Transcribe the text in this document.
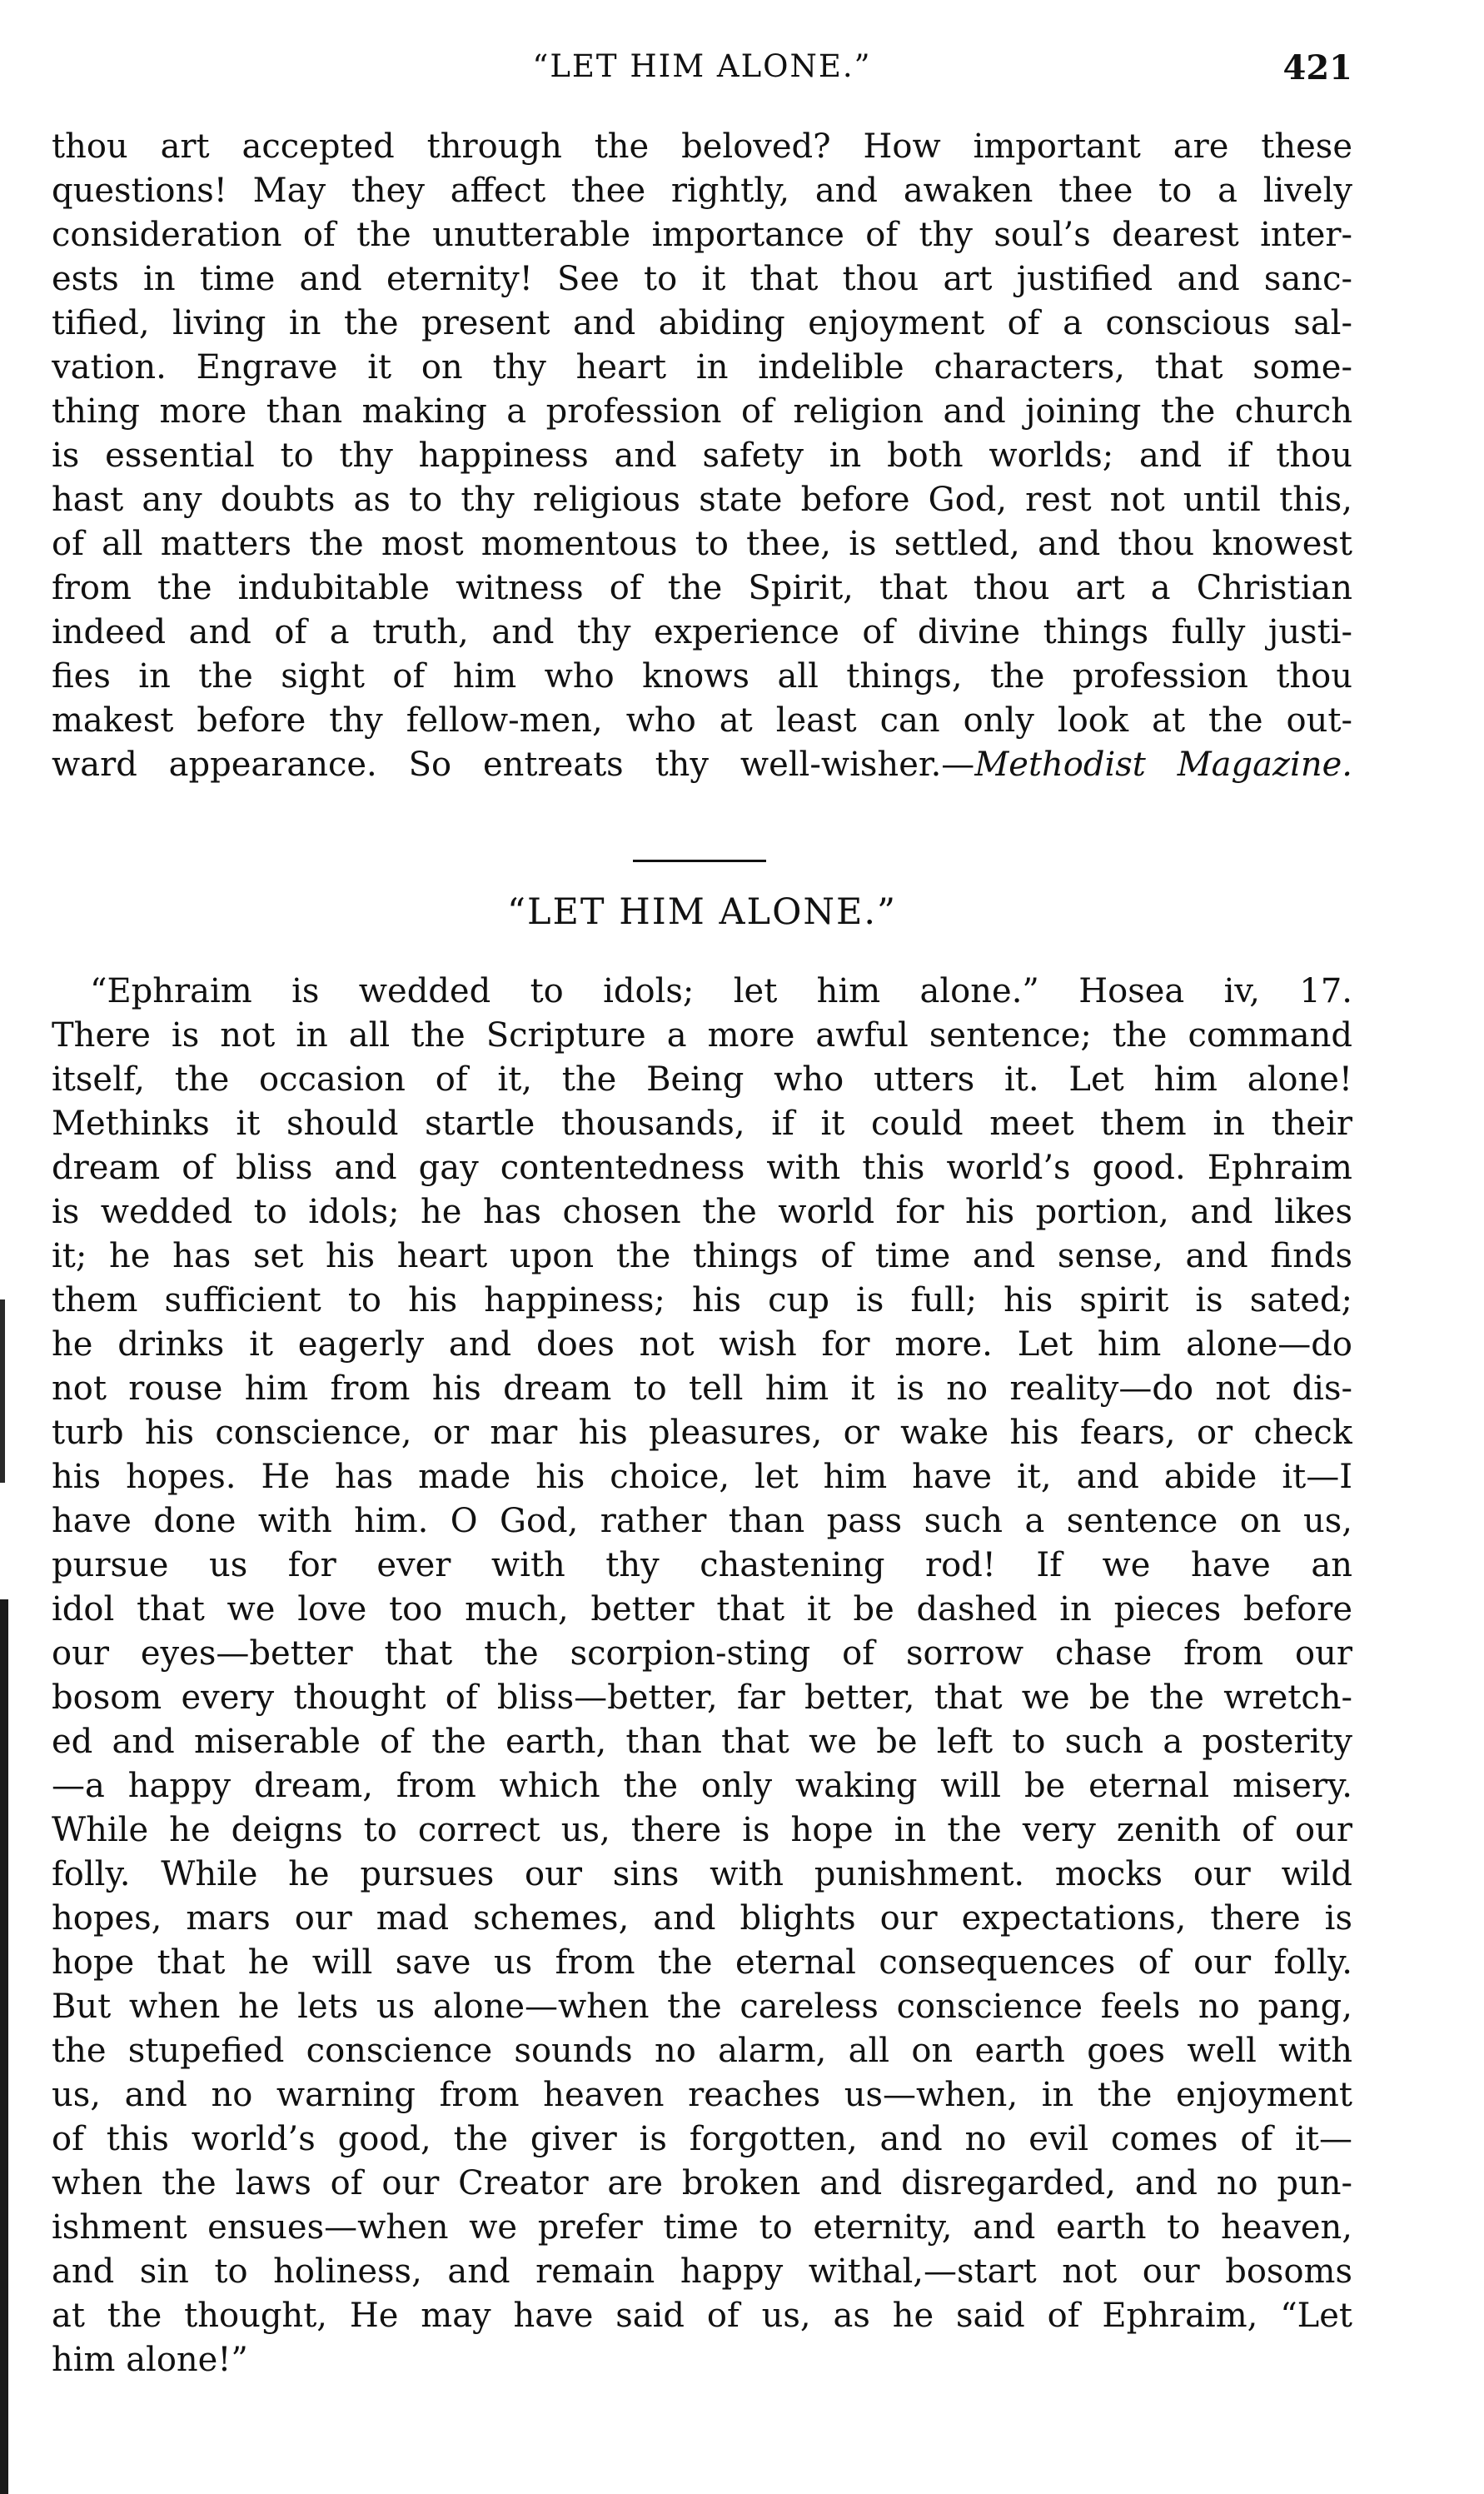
“LET HIM ALONE.”	421
thou art accepted through the beloved? How important are these
questions! May they affect thee rightly, and awaken thee to a lively
consideration of the unutterable importance of thy soul’s dearest inter-
ests in time and eternity! See to it that thou art justified and sanc-
tified, living in the present and abiding enjoyment of a conscious sal-
vation. Engrave it on thy heart in indelible characters, that some-
thing more than making a profession of religion and joining the church
is essential to thy happiness and safety in both worlds; and if thou
hast any doubts as to thy religious state before God, rest not until this,
of all matters the most momentous to thee, is settled, and thou knowest
from the indubitable witness of the Spirit, that thou art a Christian
indeed and of a truth, and thy experience of divine things fully justi-
fies in the sight of him who knows all things, the profession thou
makest before thy fellow-men, who at least can only look at the out-
ward appearance. So entreats thy well-wisher.—Methodist Magazine.
“LET HIM ALONE.”
“Ephraim is wedded to idols; let him alone.” Hosea iv, 17.
There is not in all the Scripture a more awful sentence; the command
itself, the occasion of it, the Being who utters it. Let him alone!
Methinks it should startle thousands, if it could meet them in their
dream of bliss and gay contentedness with this world’s good. Ephraim
is wedded to idols; he has chosen the world for his portion, and likes
it; he has set his heart upon the things of time and sense, and finds
them sufficient to his happiness; his cup is full; his spirit is sated;
he drinks it eagerly and does not wish for more. Let him alone—do
not rouse him from his dream to tell him it is no reality—do not dis-
turb his conscience, or mar his pleasures, or wake his fears, or check
his hopes. He has made his choice, let him have it, and abide it—I
have done with him. O God, rather than pass such a sentence on us,
pursue us for ever with thy chastening rod! If we have an
idol that we love too much, better that it be dashed in pieces before
our eyes—better that the scorpion-sting of sorrow chase from our
bosom every thought of bliss—better, far better, that we be the wretch-
ed and miserable of the earth, than that we be left to such a posterity
—a happy dream, from which the only waking will be eternal misery.
While he deigns to correct us, there is hope in the very zenith of our
folly. While he pursues our sins with punishment. mocks our wild
hopes, mars our mad schemes, and blights our expectations, there is
hope that he will save us from the eternal consequences of our folly.
But when he lets us alone—when the careless conscience feels no pang,
the stupefied conscience sounds no alarm, all on earth goes well with
us, and no warning from heaven reaches us—when, in the enjoyment
of this world’s good, the giver is forgotten, and no evil comes of it—
when the laws of our Creator are broken and disregarded, and no pun-
ishment ensues—when we prefer time to eternity, and earth to heaven,
and sin to holiness, and remain happy withal,—start not our bosoms
at the thought, He may have said of us, as he said of Ephraim, “Let
him alone!”
